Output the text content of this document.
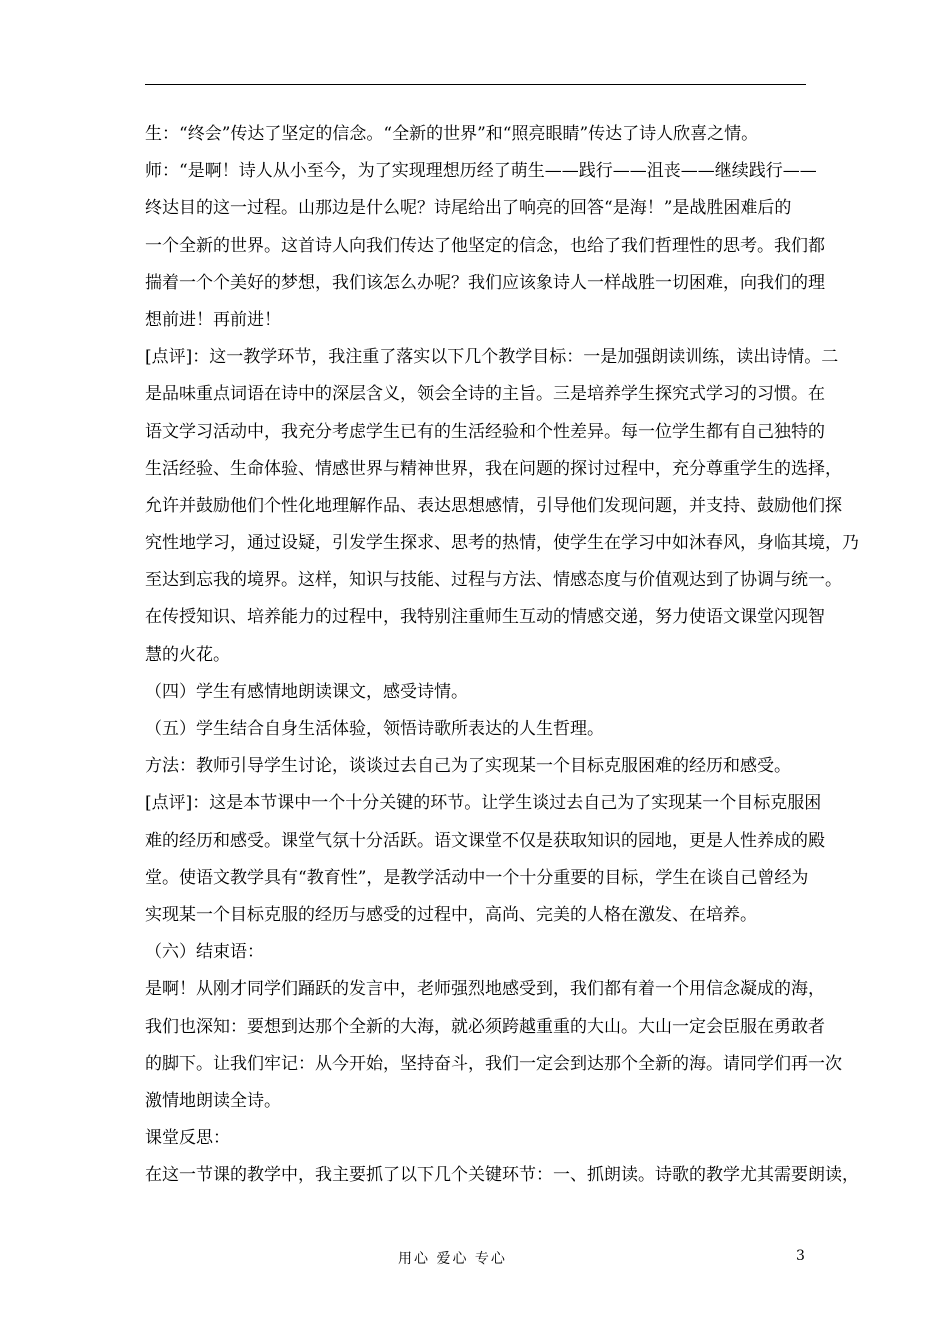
生：“终会”传达了坚定的信念。“全新的世界”和“照亮眼睛”传达了诗人欣喜之情。
师：“是啊！诗人从小至今，为了实现理想历经了萌生——践行——沮丧——继续践行——
终达目的这一过程。山那边是什么呢？诗尾给出了响亮的回答“是海！”是战胜困难后的
一个全新的世界。这首诗人向我们传达了他坚定的信念，也给了我们哲理性的思考。我们都
揣着一个个美好的梦想，我们该怎么办呢？我们应该象诗人一样战胜一切困难，向我们的理
想前进！再前进！
[点评]：这一教学环节，我注重了落实以下几个教学目标：一是加强朗读训练，读出诗情。二
是品味重点词语在诗中的深层含义，领会全诗的主旨。三是培养学生探究式学习的习惯。在
语文学习活动中，我充分考虑学生已有的生活经验和个性差异。每一位学生都有自己独特的
生活经验、生命体验、情感世界与精神世界，我在问题的探讨过程中，充分尊重学生的选择，
允许并鼓励他们个性化地理解作品、表达思想感情，引导他们发现问题，并支持、鼓励他们探
究性地学习，通过设疑，引发学生探求、思考的热情，使学生在学习中如沐春风，身临其境，乃
至达到忘我的境界。这样，知识与技能、过程与方法、情感态度与价值观达到了协调与统一。
在传授知识、培养能力的过程中，我特别注重师生互动的情感交递，努力使语文课堂闪现智
慧的火花。
（四）学生有感情地朗读课文，感受诗情。
（五）学生结合自身生活体验，领悟诗歌所表达的人生哲理。
方法：教师引导学生讨论，谈谈过去自己为了实现某一个目标克服困难的经历和感受。
[点评]：这是本节课中一个十分关键的环节。让学生谈过去自己为了实现某一个目标克服困
难的经历和感受。课堂气氛十分活跃。语文课堂不仅是获取知识的园地，更是人性养成的殿
堂。使语文教学具有“教育性”，是教学活动中一个十分重要的目标，学生在谈自己曾经为
实现某一个目标克服的经历与感受的过程中，高尚、完美的人格在激发、在培养。
（六）结束语：
是啊！从刚才同学们踊跃的发言中，老师强烈地感受到，我们都有着一个用信念凝成的海，
我们也深知：要想到达那个全新的大海，就必须跨越重重的大山。大山一定会臣服在勇敢者
的脚下。让我们牢记：从今开始，坚持奋斗，我们一定会到达那个全新的海。请同学们再一次
激情地朗读全诗。
课堂反思：
在这一节课的教学中，我主要抓了以下几个关键环节：一、抓朗读。诗歌的教学尤其需要朗读，
用心 爱心 专心	3
